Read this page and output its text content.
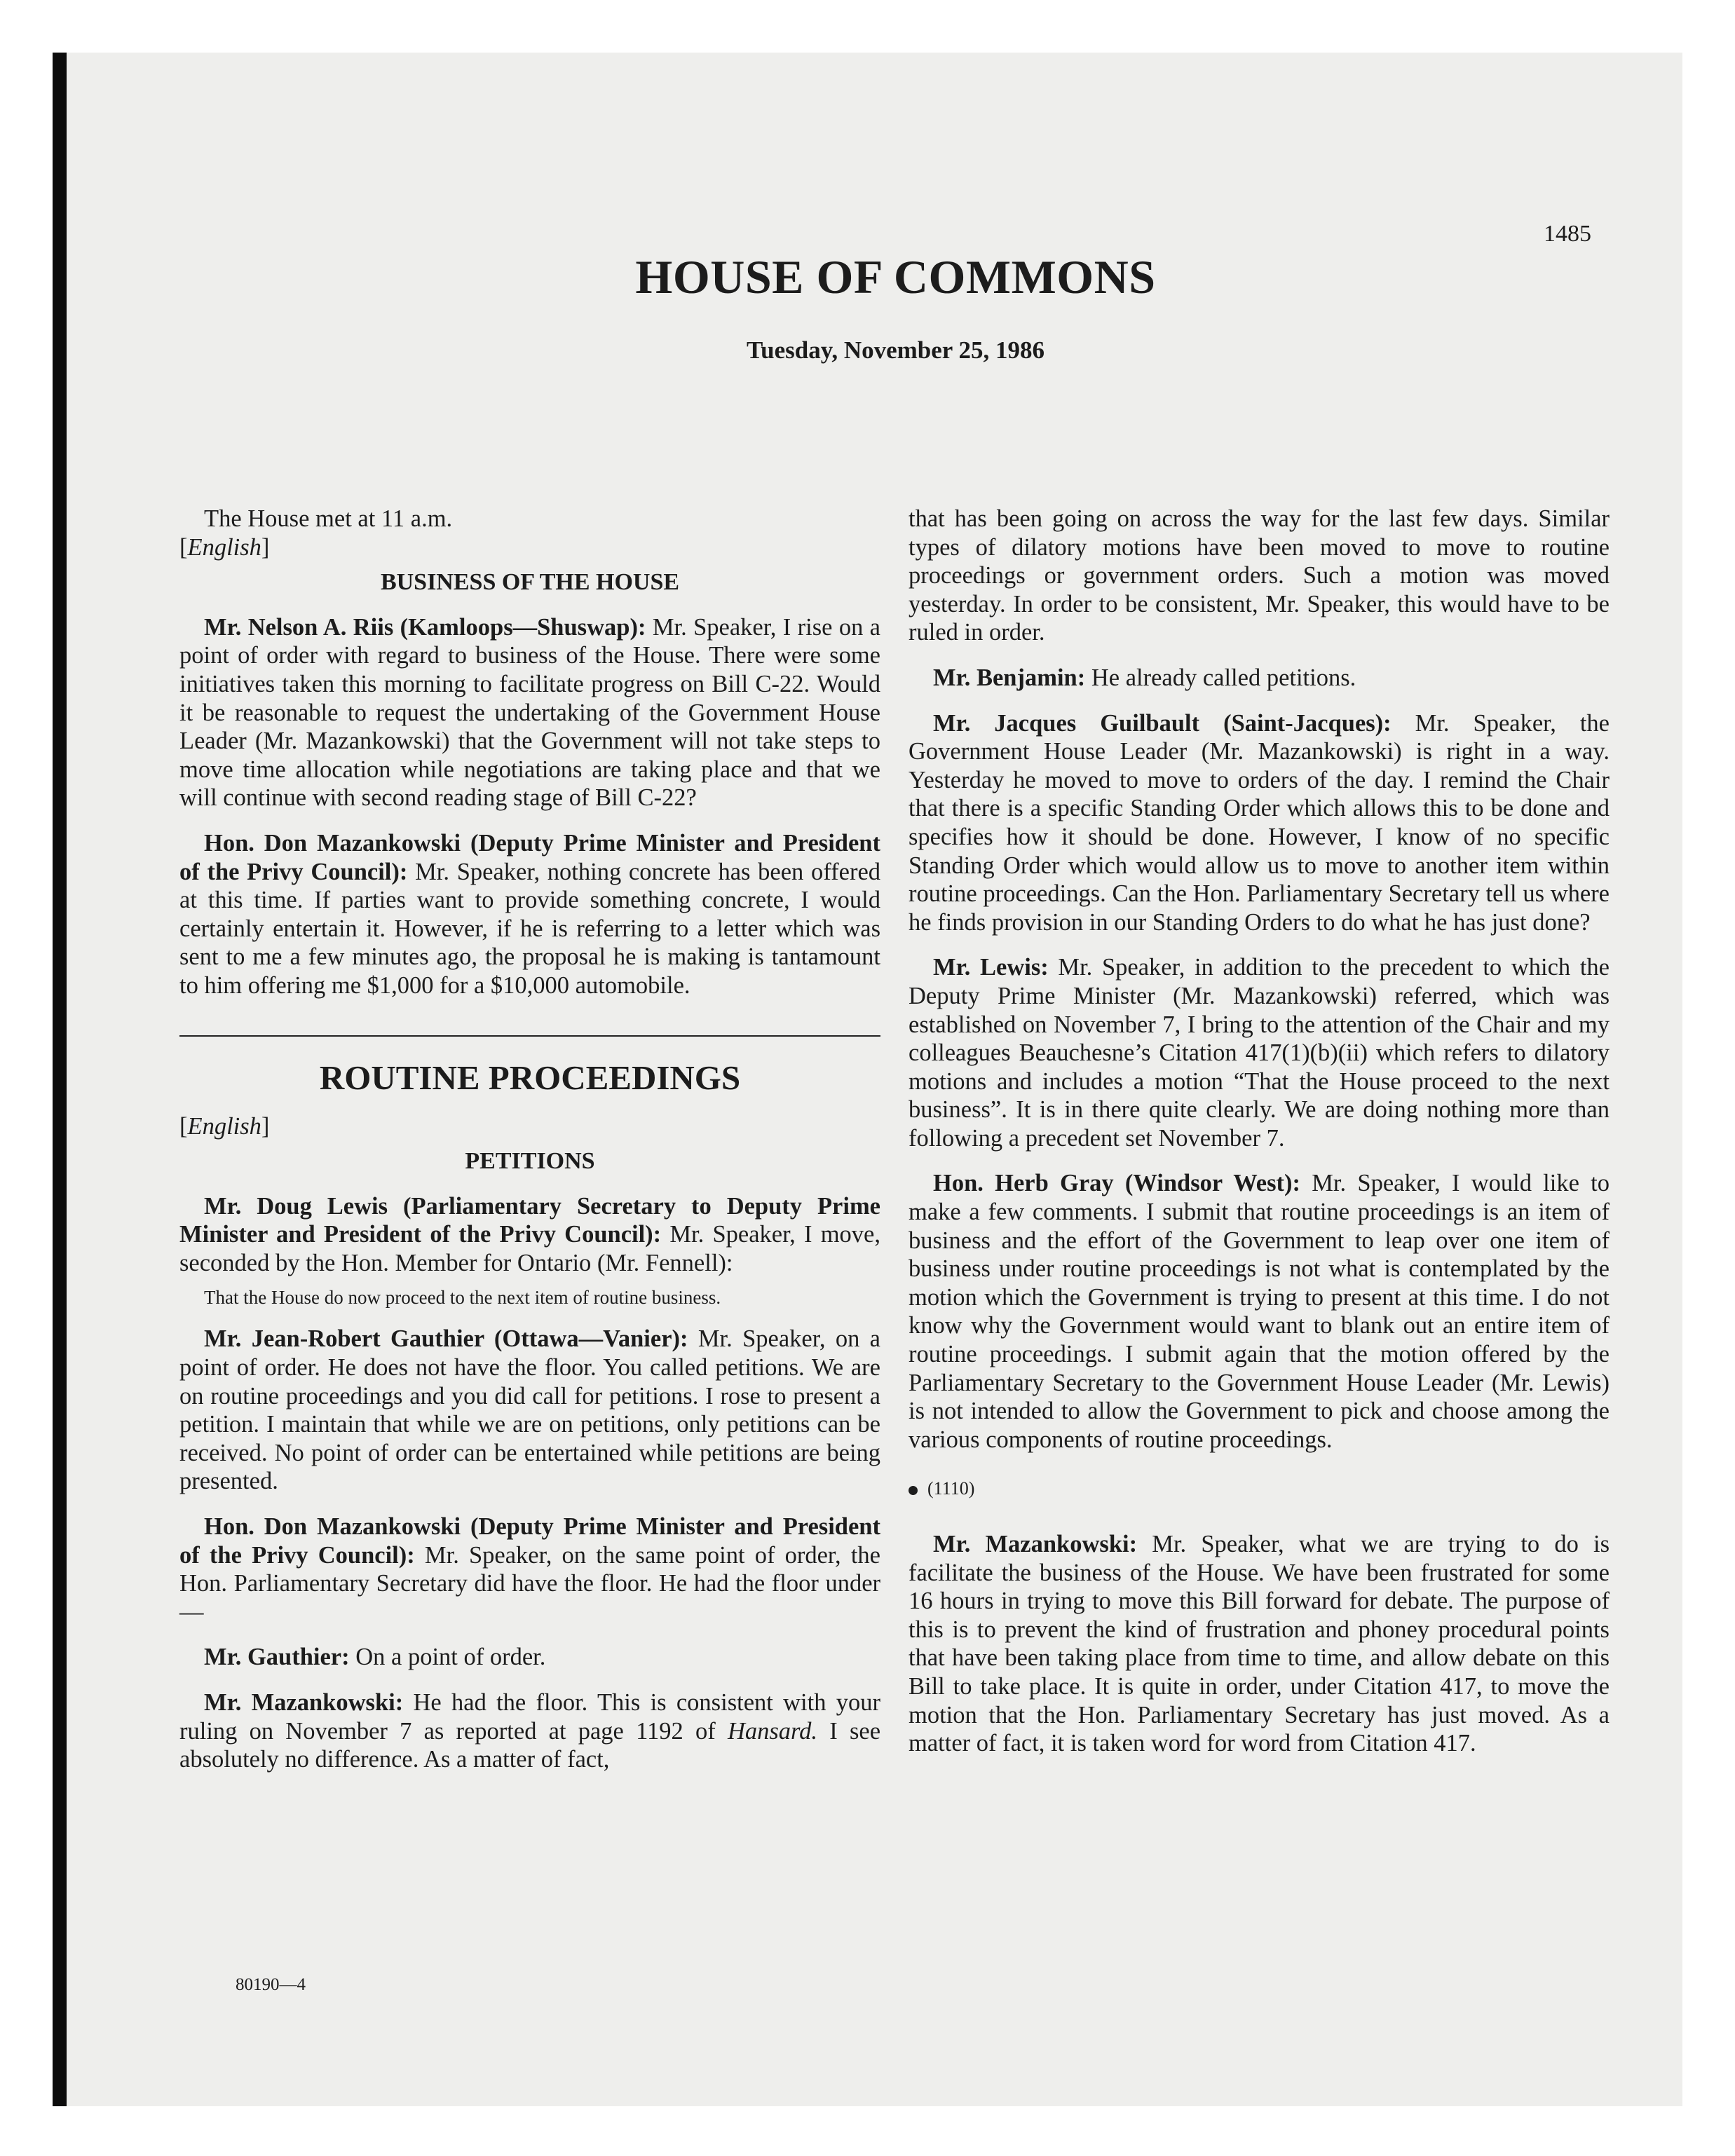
1485
HOUSE OF COMMONS
Tuesday, November 25, 1986

The House met at 11 a.m.

[English]

BUSINESS OF THE HOUSE

Mr. Nelson A. Riis (Kamloops—Shuswap): Mr. Speaker, I rise on a point of order with regard to business of the House. There were some initiatives taken this morning to facilitate progress on Bill C-22. Would it be reasonable to request the undertaking of the Government House Leader (Mr. Mazankowski) that the Government will not take steps to move time allocation while negotiations are taking place and that we will continue with second reading stage of Bill C-22?

Hon. Don Mazankowski (Deputy Prime Minister and President of the Privy Council): Mr. Speaker, nothing concrete has been offered at this time. If parties want to provide something concrete, I would certainly entertain it. However, if he is referring to a letter which was sent to me a few minutes ago, the proposal he is making is tantamount to him offering me $1,000 for a $10,000 automobile.

ROUTINE PROCEEDINGS

[English]

PETITIONS

Mr. Doug Lewis (Parliamentary Secretary to Deputy Prime Minister and President of the Privy Council): Mr. Speaker, I move, seconded by the Hon. Member for Ontario (Mr. Fennell):

That the House do now proceed to the next item of routine business.

Mr. Jean-Robert Gauthier (Ottawa—Vanier): Mr. Speaker, on a point of order. He does not have the floor. You called petitions. We are on routine proceedings and you did call for petitions. I rose to present a petition. I maintain that while we are on petitions, only petitions can be received. No point of order can be entertained while petitions are being presented.

Hon. Don Mazankowski (Deputy Prime Minister and President of the Privy Council): Mr. Speaker, on the same point of order, the Hon. Parliamentary Secretary did have the floor. He had the floor under—

Mr. Gauthier: On a point of order.

Mr. Mazankowski: He had the floor. This is consistent with your ruling on November 7 as reported at page 1192 of Hansard. I see absolutely no difference. As a matter of fact,

that has been going on across the way for the last few days. Similar types of dilatory motions have been moved to move to routine proceedings or government orders. Such a motion was moved yesterday. In order to be consistent, Mr. Speaker, this would have to be ruled in order.

Mr. Benjamin: He already called petitions.

Mr. Jacques Guilbault (Saint-Jacques): Mr. Speaker, the Government House Leader (Mr. Mazankowski) is right in a way. Yesterday he moved to move to orders of the day. I remind the Chair that there is a specific Standing Order which allows this to be done and specifies how it should be done. However, I know of no specific Standing Order which would allow us to move to another item within routine proceedings. Can the Hon. Parliamentary Secretary tell us where he finds provision in our Standing Orders to do what he has just done?

Mr. Lewis: Mr. Speaker, in addition to the precedent to which the Deputy Prime Minister (Mr. Mazankowski) referred, which was established on November 7, I bring to the attention of the Chair and my colleagues Beauchesne’s Citation 417(1)(b)(ii) which refers to dilatory motions and includes a motion “That the House proceed to the next business”. It is in there quite clearly. We are doing nothing more than following a precedent set November 7.

Hon. Herb Gray (Windsor West): Mr. Speaker, I would like to make a few comments. I submit that routine proceedings is an item of business and the effort of the Government to leap over one item of business under routine proceedings is not what is contemplated by the motion which the Government is trying to present at this time. I do not know why the Government would want to blank out an entire item of routine proceedings. I submit again that the motion offered by the Parliamentary Secretary to the Government House Leader (Mr. Lewis) is not intended to allow the Government to pick and choose among the various components of routine proceedings.

(1110)

Mr. Mazankowski: Mr. Speaker, what we are trying to do is facilitate the business of the House. We have been frustrated for some 16 hours in trying to move this Bill forward for debate. The purpose of this is to prevent the kind of frustration and phoney procedural points that have been taking place from time to time, and allow debate on this Bill to take place. It is quite in order, under Citation 417, to move the motion that the Hon. Parliamentary Secretary has just moved. As a matter of fact, it is taken word for word from Citation 417.

80190—4
